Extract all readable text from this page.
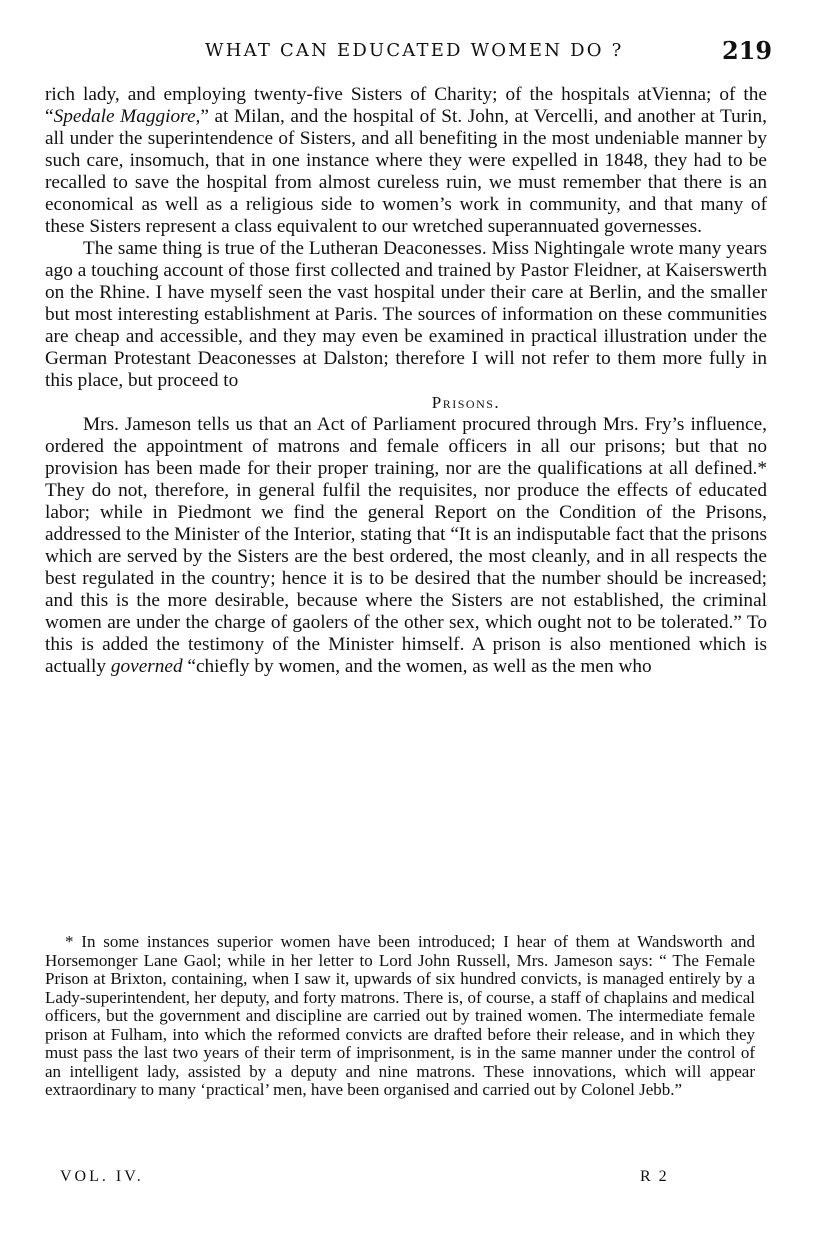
WHAT CAN EDUCATED WOMEN DO ?	219

rich lady, and employing twenty-five Sisters of Charity; of the hospitals atVienna; of the “Spedale Maggiore,” at Milan, and the hospital of St. John, at Vercelli, and another at Turin, all under the superintendence of Sisters, and all benefiting in the most undeniable manner by such care, insomuch, that in one instance where they were expelled in 1848, they had to be recalled to save the hospital from almost cureless ruin, we must remember that there is an economical as well as a religious side to women’s work in community, and that many of these Sisters represent a class equivalent to our wretched superannuated governesses.

The same thing is true of the Lutheran Deaconesses. Miss Nightingale wrote many years ago a touching account of those first collected and trained by Pastor Fleidner, at Kaiserswerth on the Rhine. I have myself seen the vast hospital under their care at Berlin, and the smaller but most interesting establishment at Paris. The sources of information on these communities are cheap and accessible, and they may even be examined in practical illustration under the German Protestant Deaconesses at Dalston; therefore I will not refer to them more fully in this place, but proceed to

Prisons.

Mrs. Jameson tells us that an Act of Parliament procured through Mrs. Fry’s influence, ordered the appointment of matrons and female officers in all our prisons; but that no provision has been made for their proper training, nor are the qualifications at all defined.* They do not, therefore, in general fulfil the requisites, nor produce the effects of educated labor; while in Piedmont we find the general Report on the Condition of the Prisons, addressed to the Minister of the Interior, stating that “It is an indisputable fact that the prisons which are served by the Sisters are the best ordered, the most cleanly, and in all respects the best regulated in the country; hence it is to be desired that the number should be increased; and this is the more desirable, because where the Sisters are not established, the criminal women are under the charge of gaolers of the other sex, which ought not to be tolerated.” To this is added the testimony of the Minister himself. A prison is also mentioned which is actually governed “chiefly by women, and the women, as well as the men who

* In some instances superior women have been introduced; I hear of them at Wandsworth and Horsemonger Lane Gaol; while in her letter to Lord John Russell, Mrs. Jameson says: “ The Female Prison at Brixton, containing, when I saw it, upwards of six hundred convicts, is managed entirely by a Lady-superintendent, her deputy, and forty matrons. There is, of course, a staff of chaplains and medical officers, but the government and discipline are carried out by trained women. The intermediate female prison at Fulham, into which the reformed convicts are drafted before their release, and in which they must pass the last two years of their term of imprisonment, is in the same manner under the control of an intelligent lady, assisted by a deputy and nine matrons. These innovations, which will appear extraordinary to many ‘practical’ men, have been organised and carried out by Colonel Jebb.”

VOL. IV.	R 2
